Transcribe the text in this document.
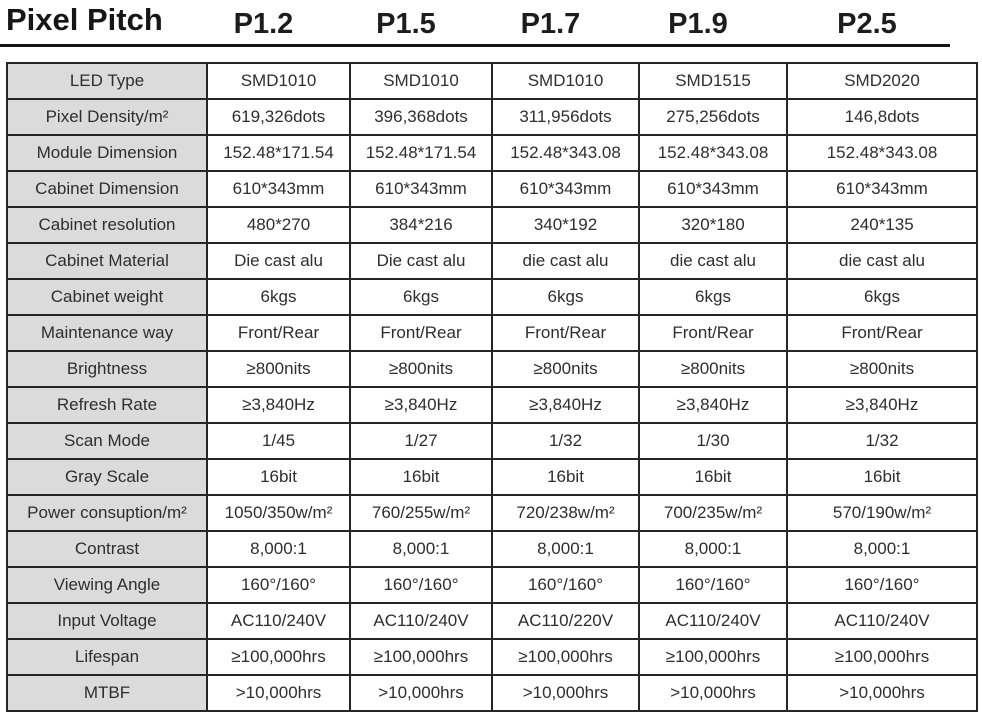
Pixel Pitch	P1.2	P1.5	P1.7	P1.9	P2.5
LED Type	SMD1010	SMD1010	SMD1010	SMD1515	SMD2020
Pixel Density/m²	619,326dots	396,368dots	311,956dots	275,256dots	146,8dots
Module Dimension	152.48*171.54	152.48*171.54	152.48*343.08	152.48*343.08	152.48*343.08
Cabinet Dimension	610*343mm	610*343mm	610*343mm	610*343mm	610*343mm
Cabinet resolution	480*270	384*216	340*192	320*180	240*135
Cabinet Material	Die cast alu	Die cast alu	die cast alu	die cast alu	die cast alu
Cabinet weight	6kgs	6kgs	6kgs	6kgs	6kgs
Maintenance way	Front/Rear	Front/Rear	Front/Rear	Front/Rear	Front/Rear
Brightness	≥800nits	≥800nits	≥800nits	≥800nits	≥800nits
Refresh Rate	≥3,840Hz	≥3,840Hz	≥3,840Hz	≥3,840Hz	≥3,840Hz
Scan Mode	1/45	1/27	1/32	1/30	1/32
Gray Scale	16bit	16bit	16bit	16bit	16bit
Power consuption/m²	1050/350w/m²	760/255w/m²	720/238w/m²	700/235w/m²	570/190w/m²
Contrast	8,000:1	8,000:1	8,000:1	8,000:1	8,000:1
Viewing Angle	160°/160°	160°/160°	160°/160°	160°/160°	160°/160°
Input Voltage	AC110/240V	AC110/240V	AC110/220V	AC110/240V	AC110/240V
Lifespan	≥100,000hrs	≥100,000hrs	≥100,000hrs	≥100,000hrs	≥100,000hrs
MTBF	>10,000hrs	>10,000hrs	>10,000hrs	>10,000hrs	>10,000hrs
